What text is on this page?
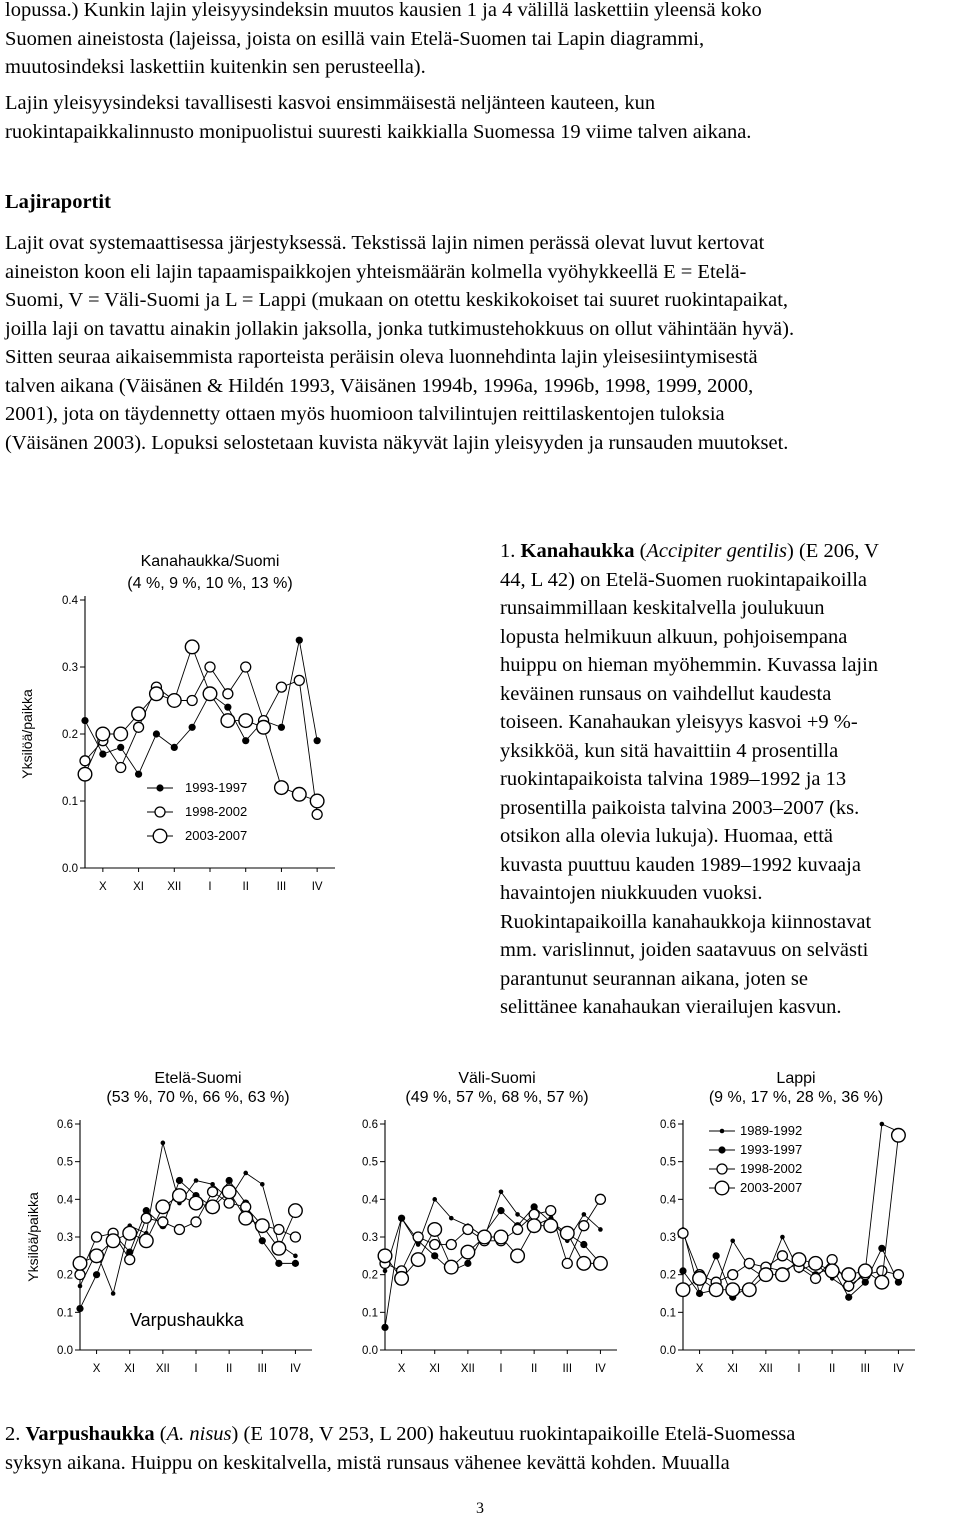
lopussa.) Kunkin lajin yleisyysindeksin muutos kausien 1 ja 4 välillä laskettiin yleensä koko
Suomen aineistosta (lajeissa, joista on esillä vain Etelä-Suomen tai Lapin diagrammi,
muutosindeksi laskettiin kuitenkin sen perusteella).
Lajin yleisyysindeksi tavallisesti kasvoi ensimmäisestä neljänteen kauteen, kun
ruokintapaikkalinnusto monipuolistui suuresti kaikkialla Suomessa 19 viime talven aikana.
Lajiraportit
Lajit ovat systemaattisessa järjestyksessä. Tekstissä lajin nimen perässä olevat luvut kertovat
aineiston koon eli lajin tapaamispaikkojen yhteismäärän kolmella vyöhykkeellä E = Etelä-
Suomi, V = Väli-Suomi ja L = Lappi (mukaan on otettu keskikokoiset tai suuret ruokintapaikat,
joilla laji on tavattu ainakin jollakin jaksolla, jonka tutkimustehokkuus on ollut vähintään hyvä).
Sitten seuraa aikaisemmista raporteista peräisin oleva luonnehdinta lajin yleisesiintymisestä
talven aikana (Väisänen & Hildén 1993, Väisänen 1994b, 1996a, 1996b, 1998, 1999, 2000,
2001), jota on täydennetty ottaen myös huomioon talvilintujen reittilaskentojen tuloksia
(Väisänen 2003). Lopuksi selostetaan kuvista näkyvät lajin yleisyyden ja runsauden muutokset.
1. Kanahaukka (Accipiter gentilis) (E 206, V
44, L 42) on Etelä-Suomen ruokintapaikoilla
runsaimmillaan keskitalvella joulukuun
lopusta helmikuun alkuun, pohjoisempana
huippu on hieman myöhemmin. Kuvassa lajin
keväinen runsaus on vaihdellut kaudesta
toiseen. Kanahaukan yleisyys kasvoi +9 %-
yksikköä, kun sitä havaittiin 4 prosentilla
ruokintapaikoista talvina 1989–1992 ja 13
prosentilla paikoista talvina 2003–2007 (ks.
otsikon alla olevia lukuja). Huomaa, että
kuvasta puuttuu kauden 1989–1992 kuvaaja
havaintojen niukkuuden vuoksi.
Ruokintapaikoilla kanahaukkoja kiinnostavat
mm. varislinnut, joiden saatavuus on selvästi
parantunut seurannan aikana, joten se
selittänee kanahaukan vierailujen kasvun.
Kanahaukka/Suomi
(4 %, 9 %, 10 %, 13 %)
0.0
0.1
0.2
0.3
0.4
X XI XII I	II III IV
Yksilöä/paikka
1993-1997
1998-2002
2003-2007
Etelä-Suomi
(53 %, 70 %, 66 %, 63 %)
0.0
0.1
0.2
0.3
0.4
0.5
0.6
X XI XII I II III IV
Yksilöä/paikka
Varpushaukka
Väli-Suomi
(49 %, 57 %, 68 %, 57 %)
0.0
0.1
0.2
0.3
0.4
0.5
0.6
X XI XII I II III IV
Lappi
(9 %, 17 %, 28 %, 36 %)
0.0
0.1
0.2
0.3
0.4
0.5
0.6
X XI XII I II III IV
1989-1992
1993-1997
1998-2002
2003-2007
2. Varpushaukka (A. nisus) (E 1078, V 253, L 200) hakeutuu ruokintapaikoille Etelä-Suomessa
syksyn aikana. Huippu on keskitalvella, mistä runsaus vähenee kevättä kohden. Muualla
3
